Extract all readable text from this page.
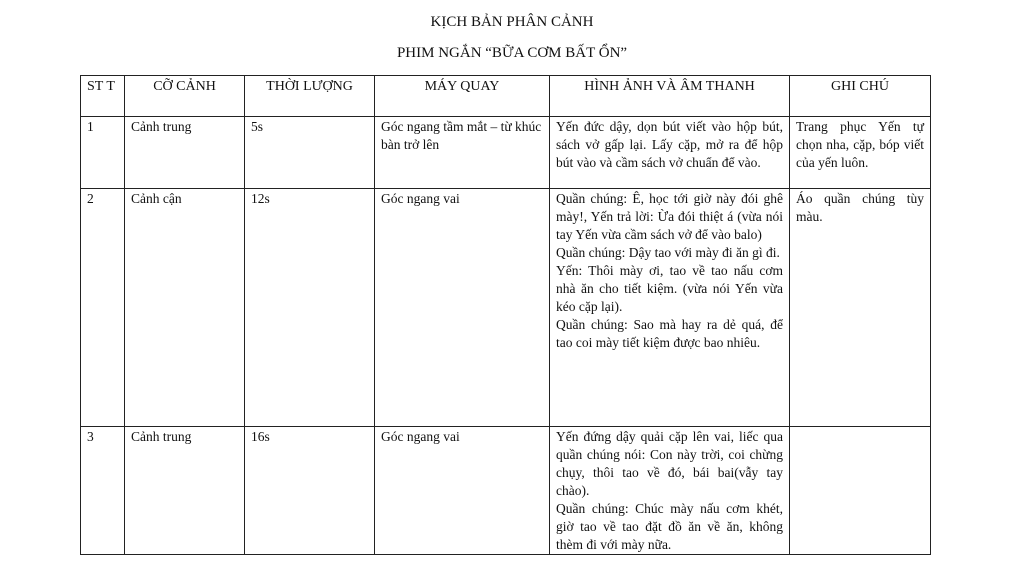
KỊCH BẢN PHÂN CẢNH
PHIM NGẮN “BỮA CƠM BẤT ỔN”
ST T	CỠ CẢNH	THỜI LƯỢNG	MÁY QUAY	HÌNH ẢNH VÀ ÂM THANH	GHI CHÚ
1	Cảnh trung	5s	Góc ngang tầm mắt – từ khúc bàn trở lên	Yến đức dậy, dọn bút viết vào hộp bút, sách vở gấp lại. Lấy cặp, mở ra để hộp bút vào và cầm sách vở chuẩn để vào.	Trang phục Yến tự chọn nha, cặp, bóp viết của yến luôn.
2	Cảnh cận	12s	Góc ngang vai	Quần chúng: Ê, học tới giờ này đói ghê mày!, Yến trả lời: Ừa đói thiệt á (vừa nói tay Yến vừa cầm sách vở để vào balo)
Quần chúng: Dậy tao với mày đi ăn gì đi.
Yến: Thôi mày ơi, tao về tao nấu cơm nhà ăn cho tiết kiệm. (vừa nói Yến vừa kéo cặp lại).
Quần chúng: Sao mà hay ra dẻ quá, để tao coi mày tiết kiệm được bao nhiêu.	Áo quần chúng tùy màu.
3	Cảnh trung	16s	Góc ngang vai	Yến đứng dậy quải cặp lên vai, liếc qua quần chúng nói: Con này trời, coi chừng chụy, thôi tao về đó, bái bai(vẫy tay chào).
Quần chúng: Chúc mày nấu cơm khét, giờ tao về tao đặt đồ ăn về ăn, không thèm đi với mày nữa.	
